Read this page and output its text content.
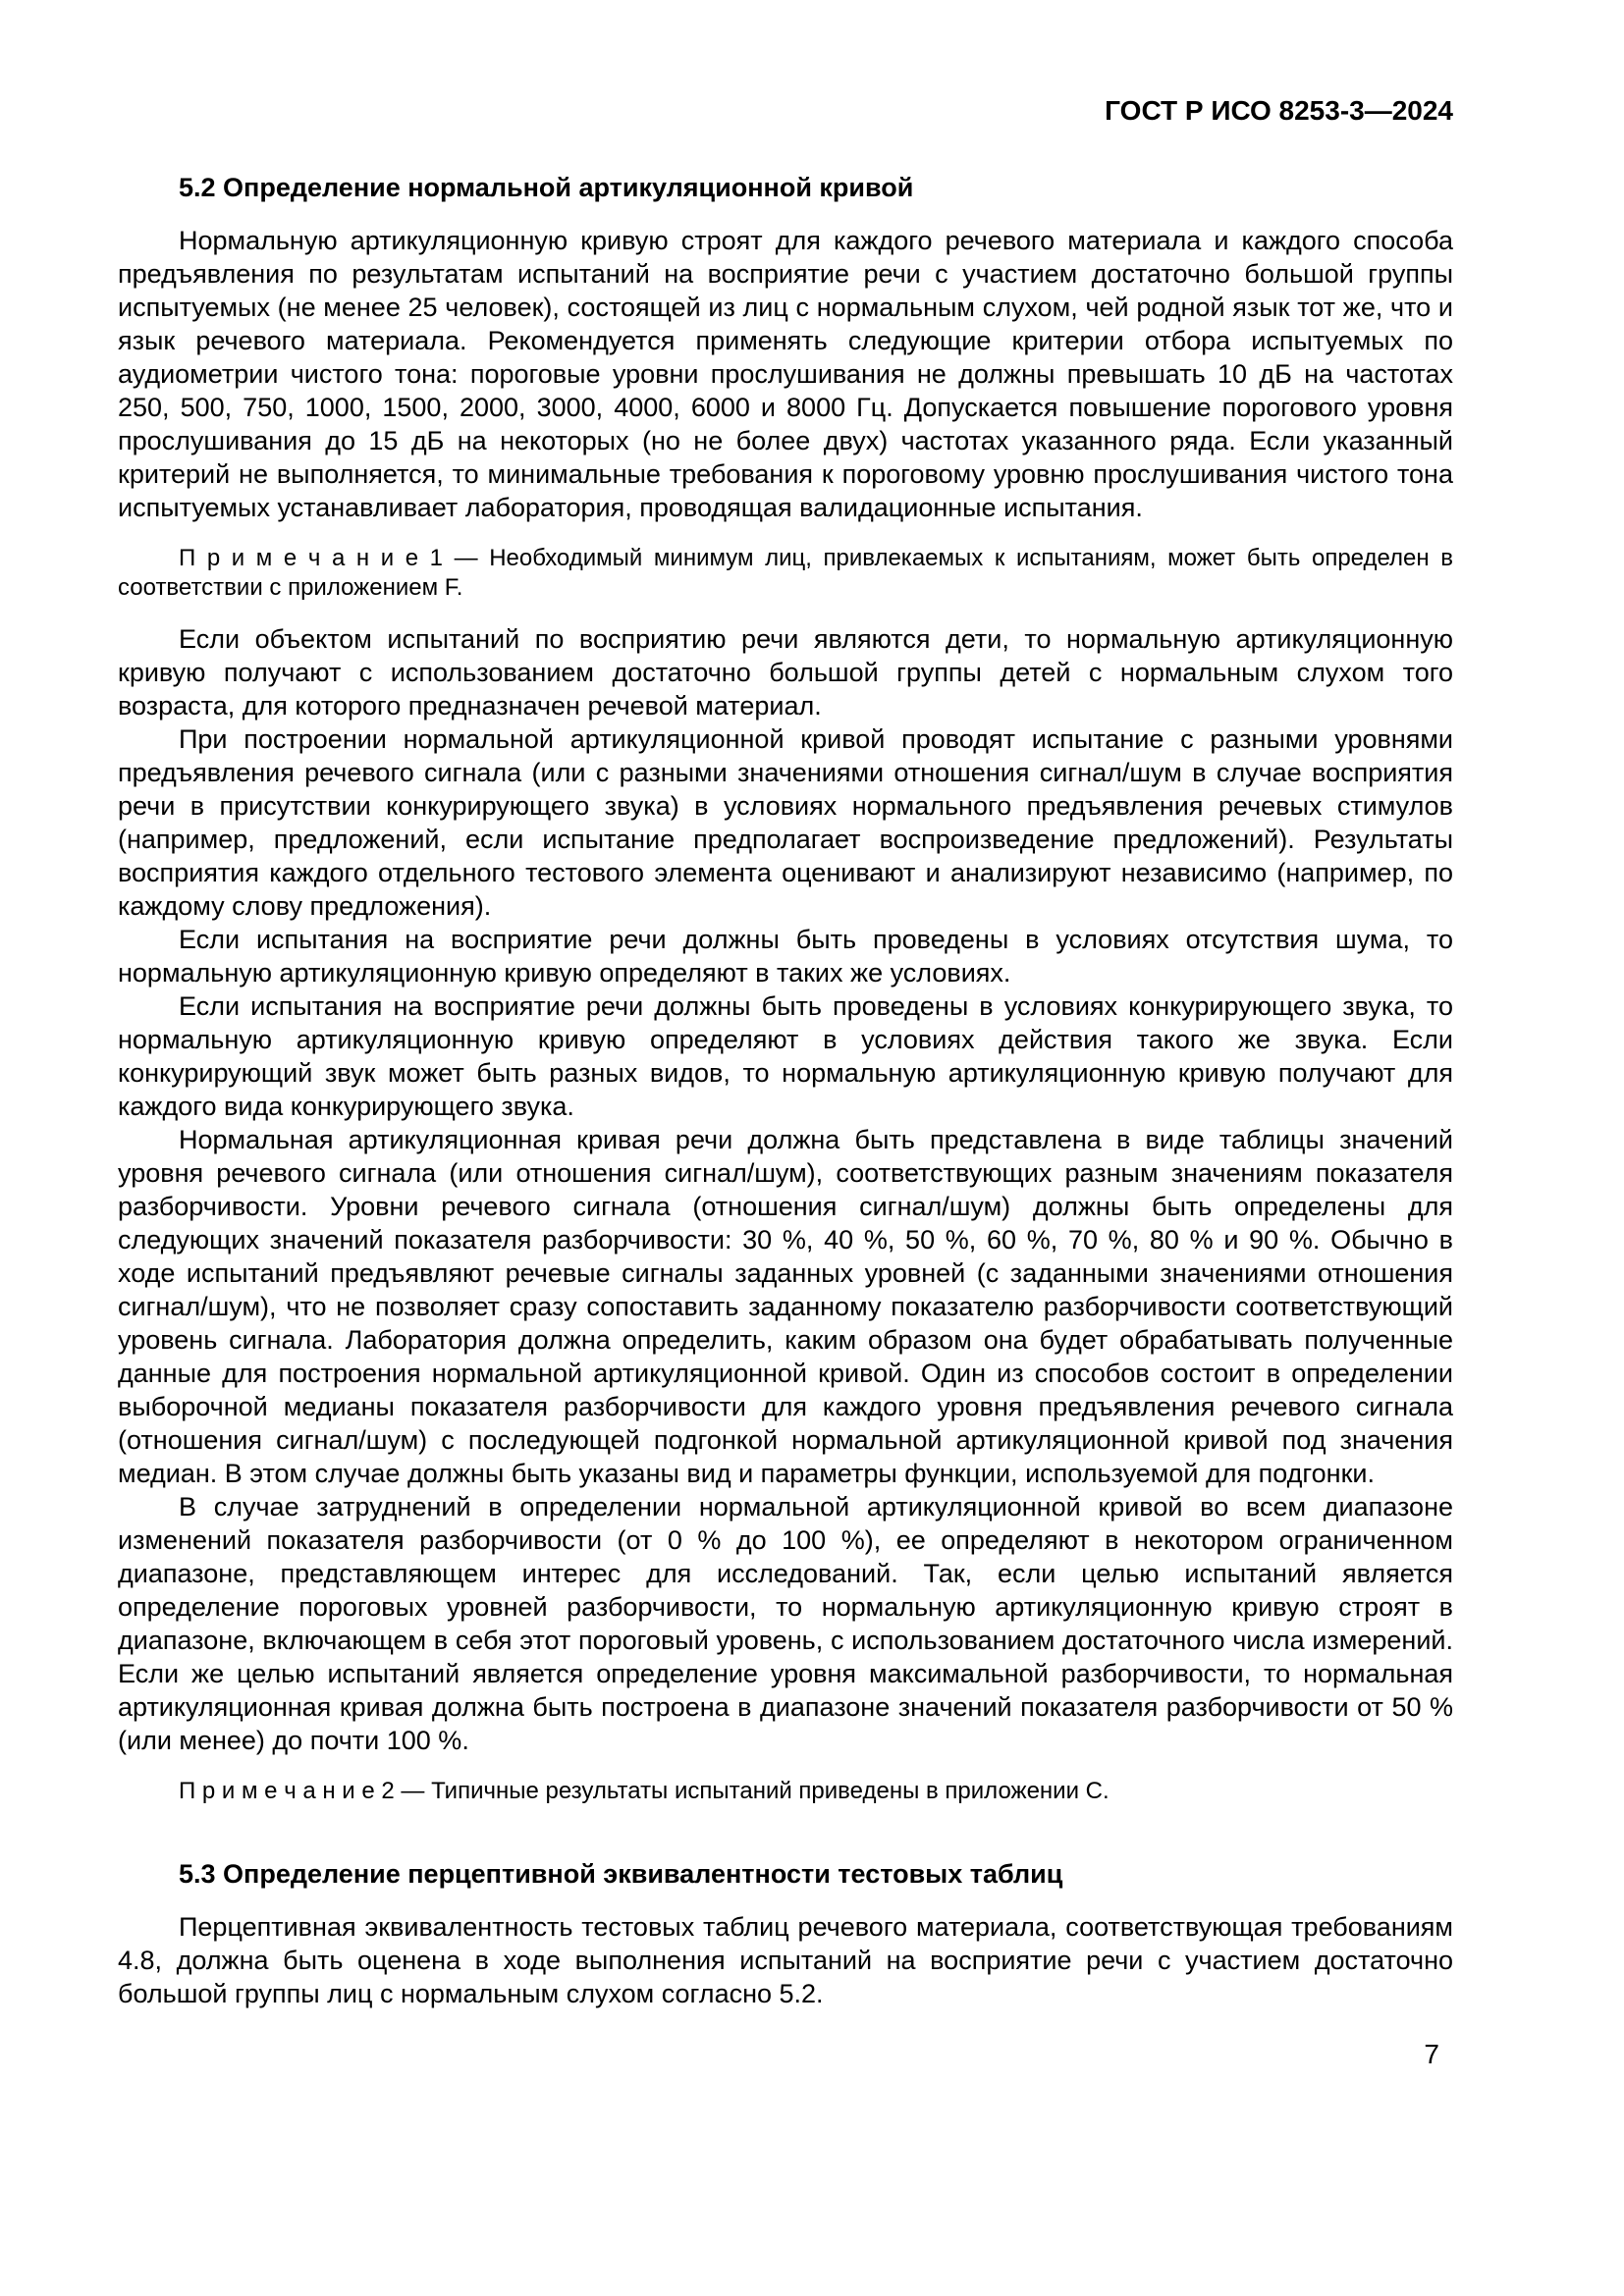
ГОСТ Р ИСО 8253-3—2024
5.2 Определение нормальной артикуляционной кривой

Нормальную артикуляционную кривую строят для каждого речевого материала и каждого способа предъявления по результатам испытаний на восприятие речи с участием достаточно большой группы испытуемых (не менее 25 человек), состоящей из лиц с нормальным слухом, чей родной язык тот же, что и язык речевого материала. Рекомендуется применять следующие критерии отбора испытуемых по аудиометрии чистого тона: пороговые уровни прослушивания не должны превышать 10 дБ на частотах 250, 500, 750, 1000, 1500, 2000, 3000, 4000, 6000 и 8000 Гц. Допускается повышение порогового уровня прослушивания до 15 дБ на некоторых (но не более двух) частотах указанного ряда. Если указанный критерий не выполняется, то минимальные требования к пороговому уровню прослушивания чистого тона испытуемых устанавливает лаборатория, проводящая валидационные испытания.

П р и м е ч а н и е 1 — Необходимый минимум лиц, привлекаемых к испытаниям, может быть определен в соответствии с приложением F.

Если объектом испытаний по восприятию речи являются дети, то нормальную артикуляционную кривую получают с использованием достаточно большой группы детей с нормальным слухом того возраста, для которого предназначен речевой материал.

При построении нормальной артикуляционной кривой проводят испытание с разными уровнями предъявления речевого сигнала (или с разными значениями отношения сигнал/шум в случае восприятия речи в присутствии конкурирующего звука) в условиях нормального предъявления речевых стимулов (например, предложений, если испытание предполагает воспроизведение предложений). Результаты восприятия каждого отдельного тестового элемента оценивают и анализируют независимо (например, по каждому слову предложения).

Если испытания на восприятие речи должны быть проведены в условиях отсутствия шума, то нормальную артикуляционную кривую определяют в таких же условиях.

Если испытания на восприятие речи должны быть проведены в условиях конкурирующего звука, то нормальную артикуляционную кривую определяют в условиях действия такого же звука. Если конкурирующий звук может быть разных видов, то нормальную артикуляционную кривую получают для каждого вида конкурирующего звука.

Нормальная артикуляционная кривая речи должна быть представлена в виде таблицы значений уровня речевого сигнала (или отношения сигнал/шум), соответствующих разным значениям показателя разборчивости. Уровни речевого сигнала (отношения сигнал/шум) должны быть определены для следующих значений показателя разборчивости: 30 %, 40 %, 50 %, 60 %, 70 %, 80 % и 90 %. Обычно в ходе испытаний предъявляют речевые сигналы заданных уровней (с заданными значениями отношения сигнал/шум), что не позволяет сразу сопоставить заданному показателю разборчивости соответствующий уровень сигнала. Лаборатория должна определить, каким образом она будет обрабатывать полученные данные для построения нормальной артикуляционной кривой. Один из способов состоит в определении выборочной медианы показателя разборчивости для каждого уровня предъявления речевого сигнала (отношения сигнал/шум) с последующей подгонкой нормальной артикуляционной кривой под значения медиан. В этом случае должны быть указаны вид и параметры функции, используемой для подгонки.

В случае затруднений в определении нормальной артикуляционной кривой во всем диапазоне изменений показателя разборчивости (от 0 % до 100 %), ее определяют в некотором ограниченном диапазоне, представляющем интерес для исследований. Так, если целью испытаний является определение пороговых уровней разборчивости, то нормальную артикуляционную кривую строят в диапазоне, включающем в себя этот пороговый уровень, с использованием достаточного числа измерений. Если же целью испытаний является определение уровня максимальной разборчивости, то нормальная артикуляционная кривая должна быть построена в диапазоне значений показателя разборчивости от 50 % (или менее) до почти 100 %.

П р и м е ч а н и е 2 — Типичные результаты испытаний приведены в приложении C.

5.3 Определение перцептивной эквивалентности тестовых таблиц

Перцептивная эквивалентность тестовых таблиц речевого материала, соответствующая требованиям 4.8, должна быть оценена в ходе выполнения испытаний на восприятие речи с участием достаточно большой группы лиц с нормальным слухом согласно 5.2.

7
